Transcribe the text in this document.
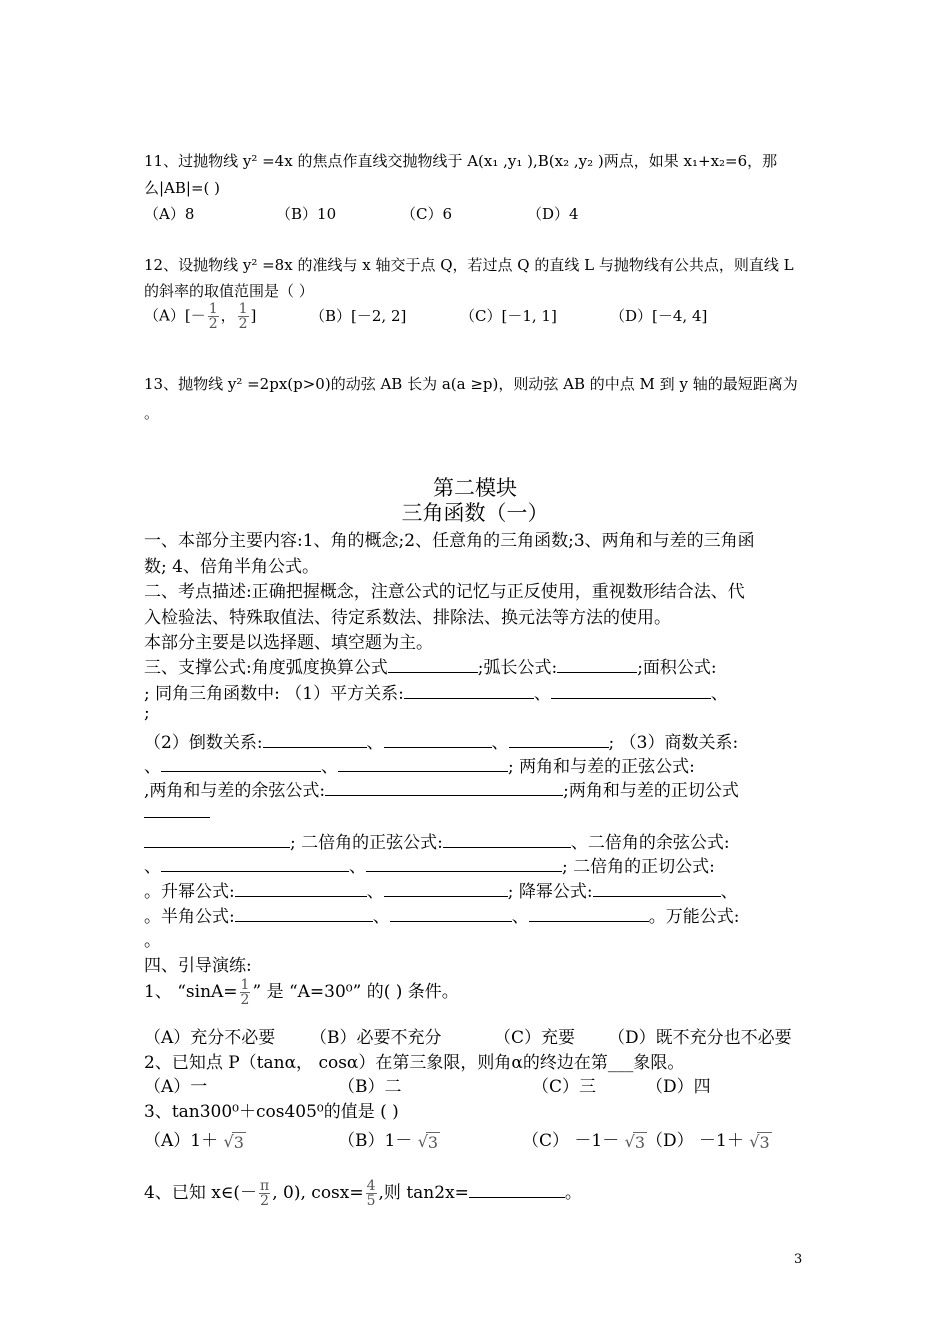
11、过抛物线 y² =4x 的焦点作直线交抛物线于 A(x₁ ,y₁ ),B(x₂ ,y₂ )两点，如果 x₁+x₂=6，那
么|AB|=( )
（A）8	（B）10	（C）6	（D）4
12、设抛物线 y² =8x 的准线与 x 轴交于点 Q，若过点 Q 的直线 L 与抛物线有公共点，则直线 L
的斜率的取值范围是（ ）
$(A)[- \frac{1}{2}$ ， $\frac{1}{2}$ ]	（B）[－2, 2]	（C）[－1, 1]	（D）[－4, 4]
13、抛物线 y² =2px(p>0)的动弦 AB 长为 a(a ≥p)，则动弦 AB 的中点 M 到 y 轴的最短距离为
。
第二模块
三角函数（一）
一、本部分主要内容:1、角的概念;2、任意角的三角函数;3、两角和与差的三角函
数; 4、倍角半角公式。
二、考点描述:正确把握概念，注意公式的记忆与正反使用，重视数形结合法、代
入检验法、特殊取值法、待定系数法、排除法、换元法等方法的使用。
本部分主要是以选择题、填空题为主。
三、支撑公式:角度弧度换算公式	;弧长公式:	;面积公式:
; 同角三角函数中: （1）平方关系:	、	、
;
（2）倒数关系:	、	、	; （3）商数关系:
、	、	; 两角和与差的正弦公式:
,两角和与差的余弦公式:	;两角和与差的正切公式
; 二倍角的正弦公式:	、二倍角的余弦公式:
、	、	; 二倍角的正切公式:
。升幂公式:	、	; 降幂公式:	、
。半角公式:	、	、	。万能公式:
。
四、引导演练:
1、 “$\sin A= \frac{1}{2}$ ” 是 “A=30⁰” 的( ) 条件。
（A）充分不必要 （B）必要不充分	（C）充要 （D）既不充分也不必要
2、已知点 P（tanα， cosα）在第三象限，则角α的终边在第___象限。
（A）一	（B）二	（C）三	（D）四
3、tan300⁰＋cos405⁰的值是 ( )
（A）1＋ √3	（B）1－ √3	（C） －1－ √3（D） －1＋ √3
4、已知 x∈(－ $\frac{\pi}{2}$ , 0), $\cos x= \frac{4}{5}$ ,则 tan2x=	。
3
